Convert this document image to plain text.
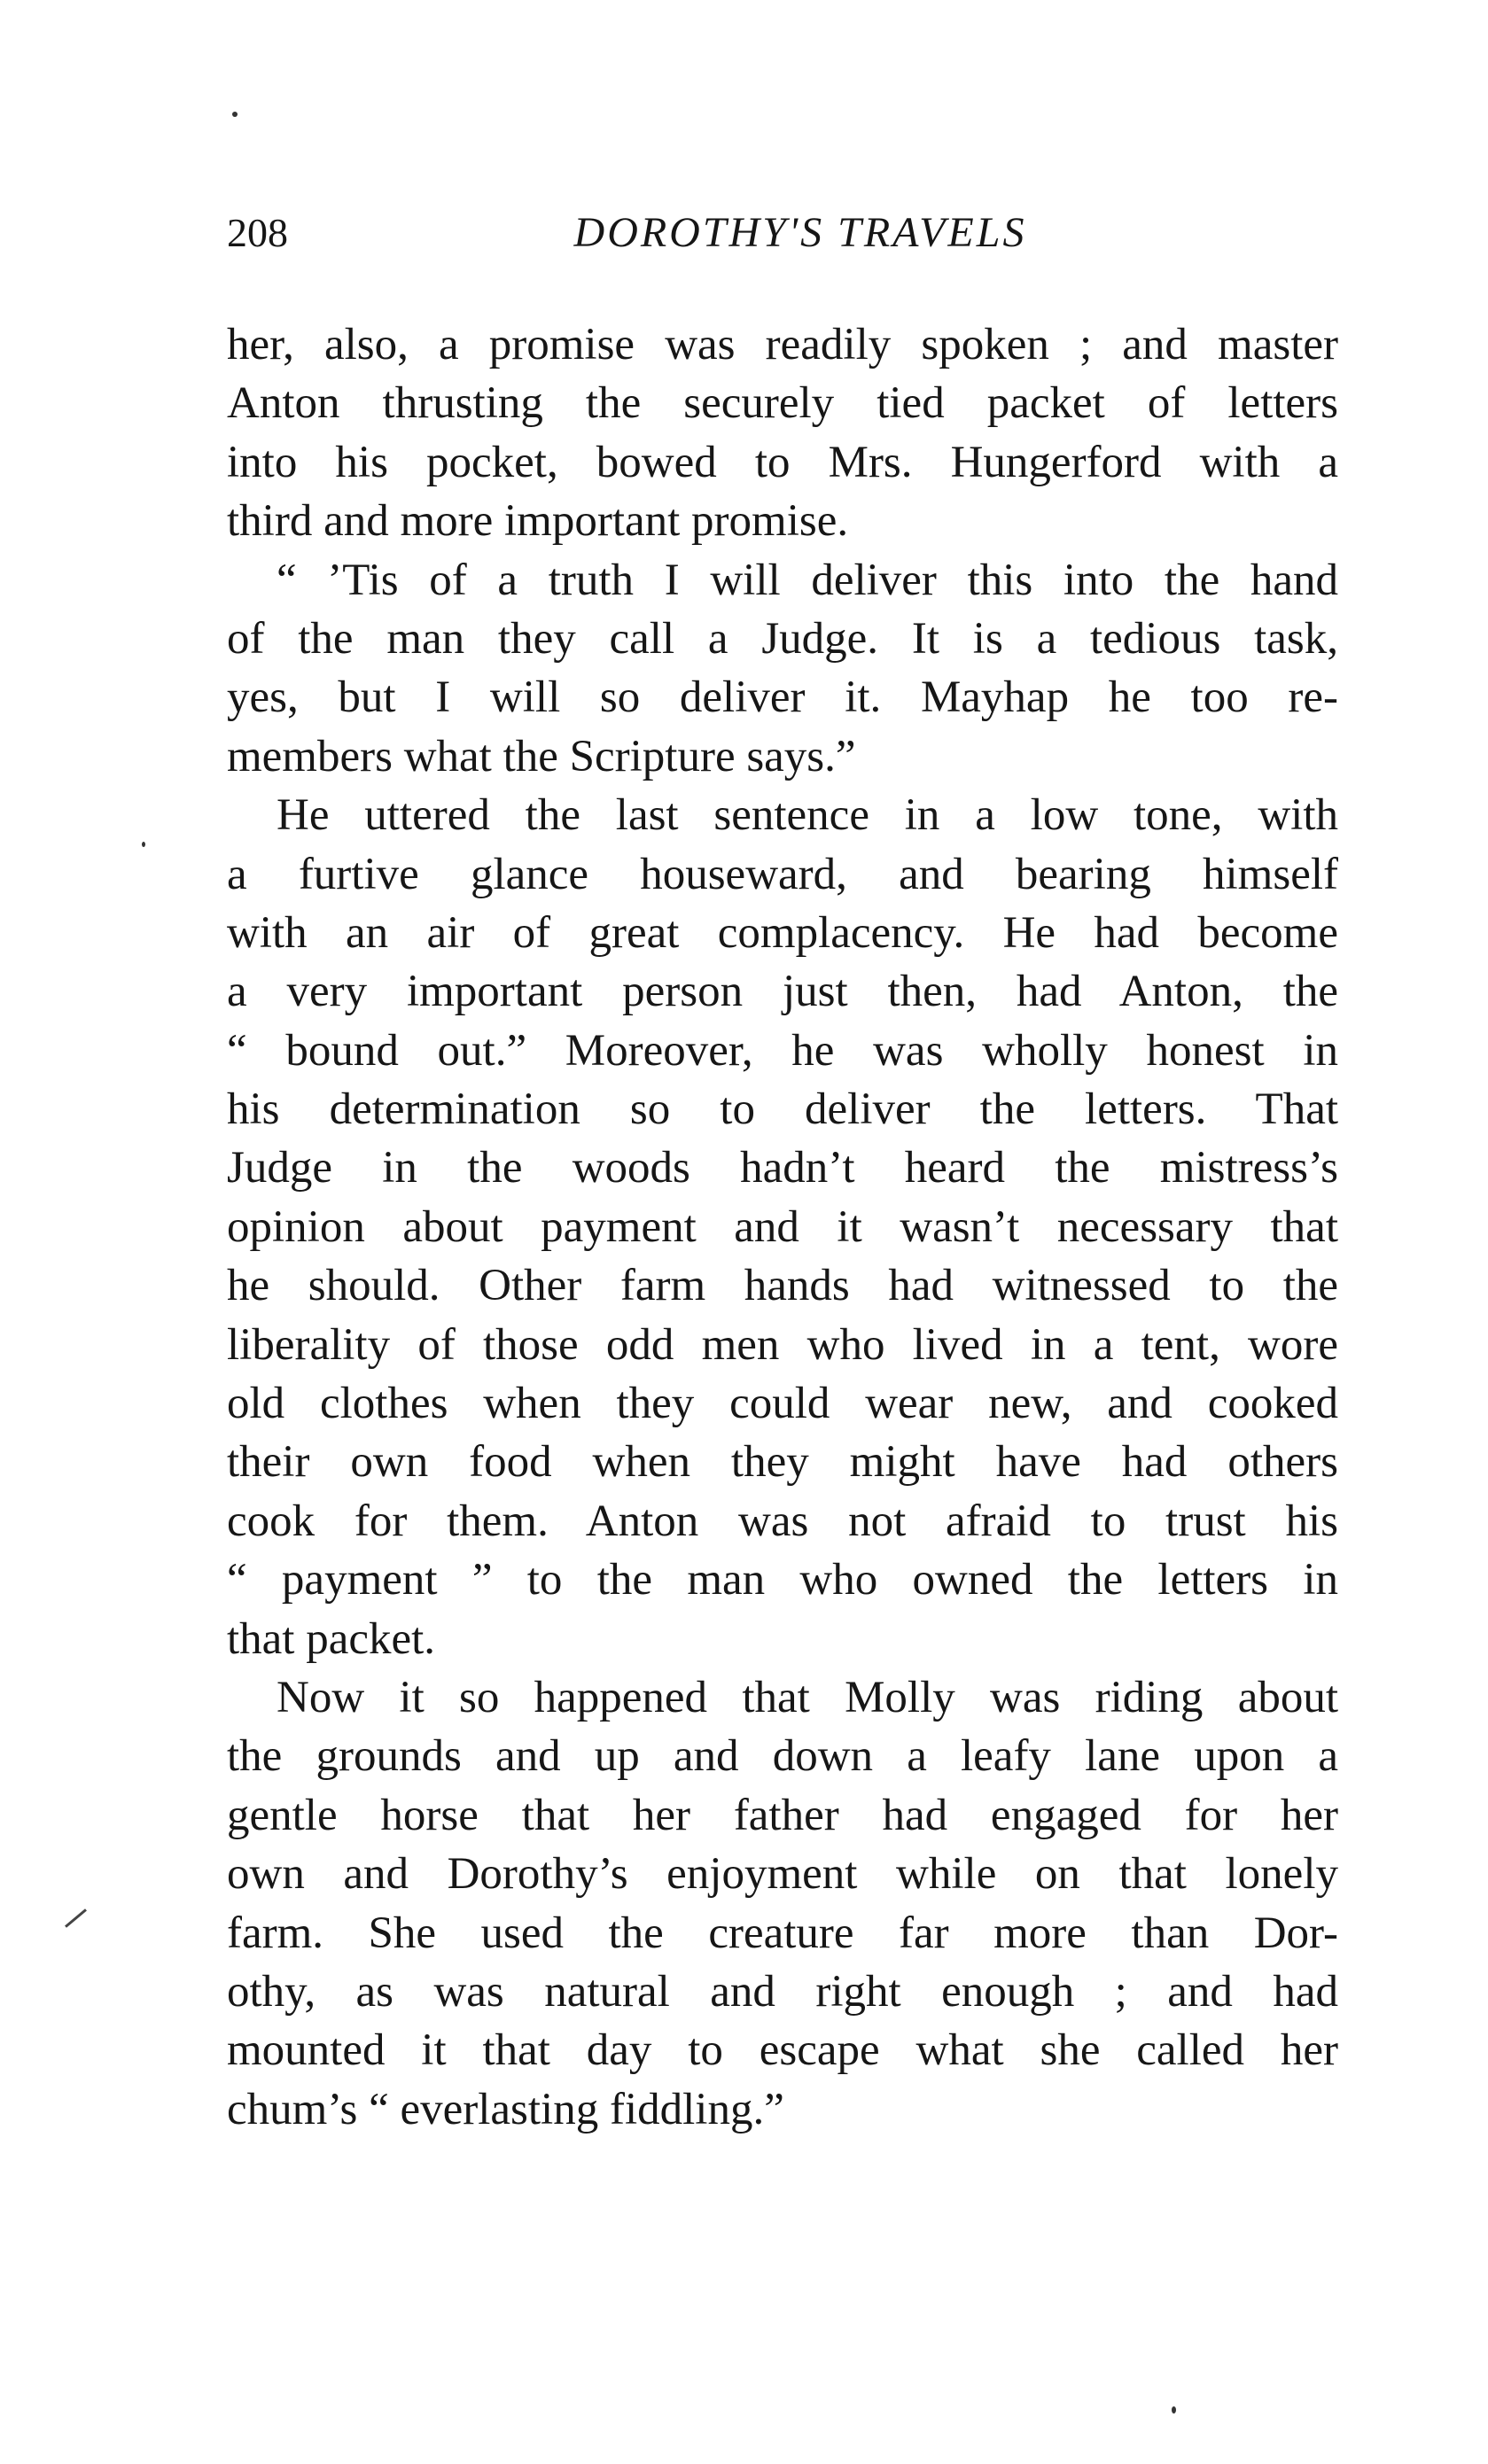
208	DOROTHY'S TRAVELS
her, also, a promise was readily spoken ; and master
Anton thrusting the securely tied packet of letters
into his pocket, bowed to Mrs. Hungerford with a
third and more important promise.
“ ’Tis of a truth I will deliver this into the hand
of the man they call a Judge. It is a tedious task,
yes, but I will so deliver it. Mayhap he too re-
members what the Scripture says.”
He uttered the last sentence in a low tone, with
a furtive glance houseward, and bearing himself
with an air of great complacency. He had become
a very important person just then, had Anton, the
“ bound out.” Moreover, he was wholly honest in
his determination so to deliver the letters. That
Judge in the woods hadn’t heard the mistress’s
opinion about payment and it wasn’t necessary that
he should. Other farm hands had witnessed to the
liberality of those odd men who lived in a tent, wore
old clothes when they could wear new, and cooked
their own food when they might have had others
cook for them. Anton was not afraid to trust his
“ payment ” to the man who owned the letters in
that packet.
Now it so happened that Molly was riding about
the grounds and up and down a leafy lane upon a
gentle horse that her father had engaged for her
own and Dorothy’s enjoyment while on that lonely
farm. She used the creature far more than Dor-
othy, as was natural and right enough ; and had
mounted it that day to escape what she called her
chum’s “ everlasting fiddling.”
